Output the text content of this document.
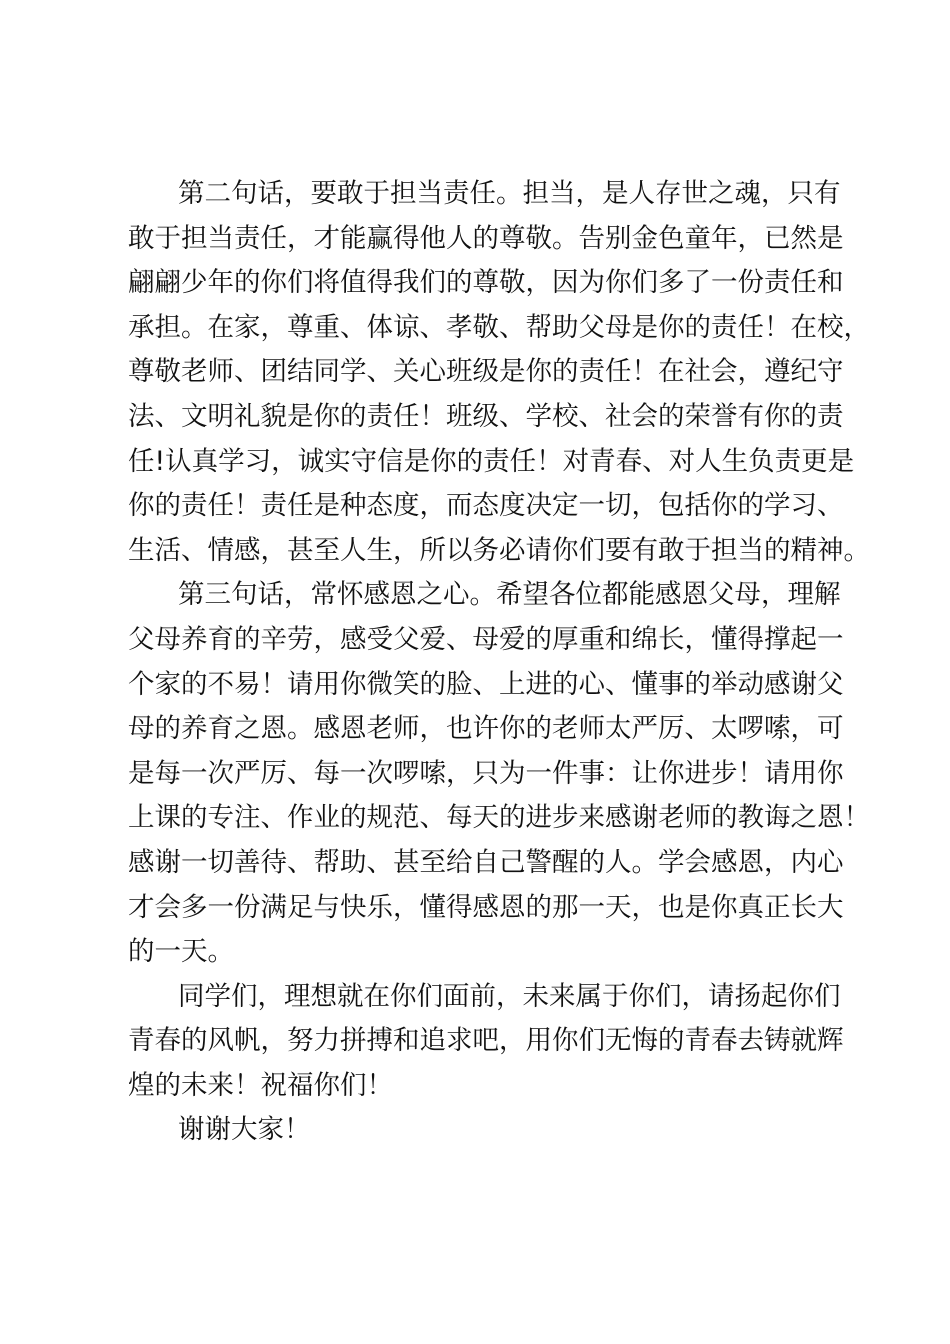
第二句话，要敢于担当责任。担当，是人存世之魂，只有
敢于担当责任，才能赢得他人的尊敬。告别金色童年，已然是
翩翩少年的你们将值得我们的尊敬，因为你们多了一份责任和
承担。在家，尊重、体谅、孝敬、帮助父母是你的责任！在校，
尊敬老师、团结同学、关心班级是你的责任！在社会，遵纪守
法、文明礼貌是你的责任！班级、学校、社会的荣誉有你的责
任!认真学习，诚实守信是你的责任！对青春、对人生负责更是
你的责任！责任是种态度，而态度决定一切，包括你的学习、
生活、情感，甚至人生，所以务必请你们要有敢于担当的精神。
第三句话，常怀感恩之心。希望各位都能感恩父母，理解
父母养育的辛劳，感受父爱、母爱的厚重和绵长，懂得撑起一
个家的不易！请用你微笑的脸、上进的心、懂事的举动感谢父
母的养育之恩。感恩老师，也许你的老师太严厉、太啰嗦，可
是每一次严厉、每一次啰嗦，只为一件事：让你进步！请用你
上课的专注、作业的规范、每天的进步来感谢老师的教诲之恩！
感谢一切善待、帮助、甚至给自己警醒的人。学会感恩，内心
才会多一份满足与快乐，懂得感恩的那一天，也是你真正长大
的一天。
同学们，理想就在你们面前，未来属于你们，请扬起你们
青春的风帆，努力拼搏和追求吧，用你们无悔的青春去铸就辉
煌的未来！祝福你们！
谢谢大家！
